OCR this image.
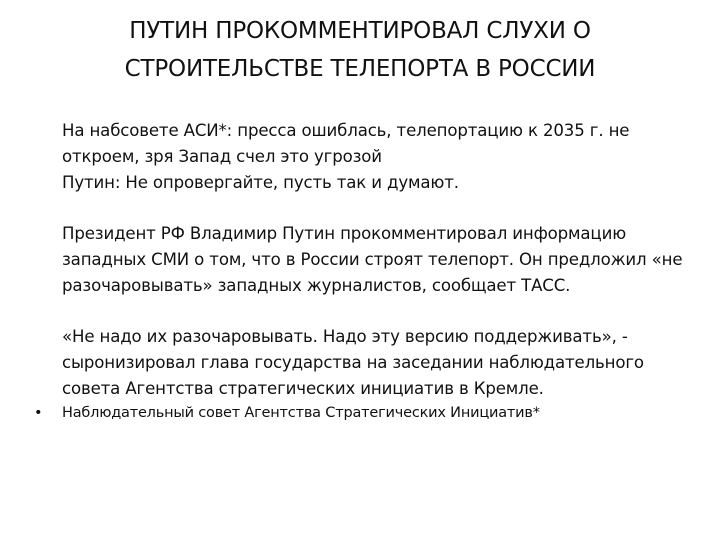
ПУТИН ПРОКОММЕНТИРОВАЛ СЛУХИ О
СТРОИТЕЛЬСТВЕ ТЕЛЕПОРТА В РОССИИ
На набсовете АСИ*: пресса ошиблась, телепортацию к 2035 г. не
откроем, зря Запад счел это угрозой
Путин: Не опровергайте, пусть так и думают.
Президент РФ Владимир Путин прокомментировал информацию
западных СМИ о том, что в России строят телепорт. Он предложил «не
разочаровывать» западных журналистов, сообщает ТАСС.
«Не надо их разочаровывать. Надо эту версию поддерживать», -
сыронизировал глава государства на заседании наблюдательного
совета Агентства стратегических инициатив в Кремле.
• Наблюдательный совет Агентства Стратегических Инициатив*
